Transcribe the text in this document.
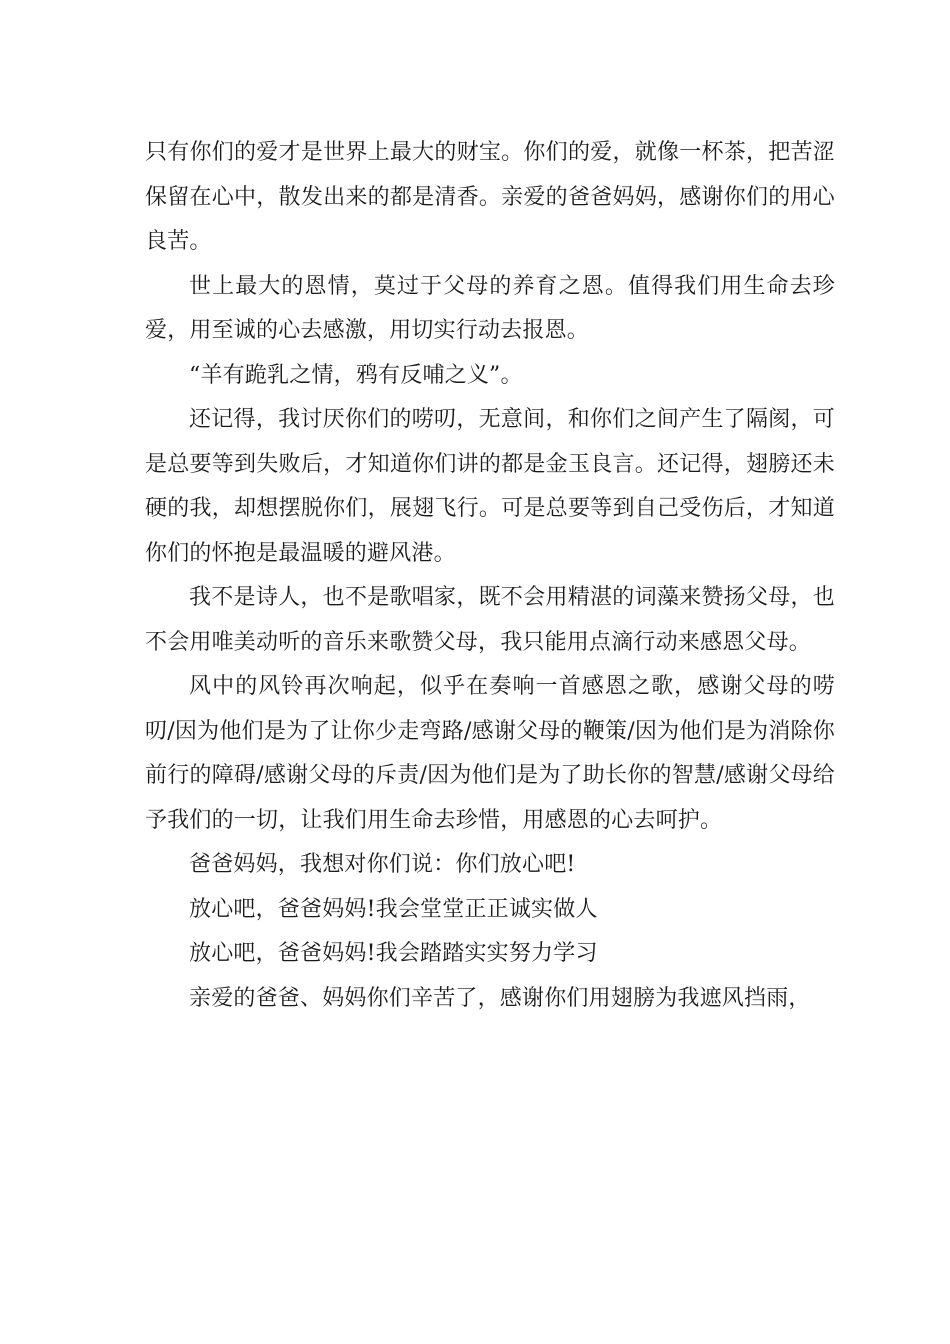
只有你们的爱才是世界上最大的财宝。你们的爱，就像一杯茶，把苦涩保留在心中，散发出来的都是清香。亲爱的爸爸妈妈，感谢你们的用心良苦。

世上最大的恩情，莫过于父母的养育之恩。值得我们用生命去珍爱，用至诚的心去感激，用切实行动去报恩。

“羊有跪乳之情，鸦有反哺之义”。

还记得，我讨厌你们的唠叨，无意间，和你们之间产生了隔阂，可是总要等到失败后，才知道你们讲的都是金玉良言。还记得，翅膀还未硬的我，却想摆脱你们，展翅飞行。可是总要等到自己受伤后，才知道你们的怀抱是最温暖的避风港。

我不是诗人，也不是歌唱家，既不会用精湛的词藻来赞扬父母，也不会用唯美动听的音乐来歌赞父母，我只能用点滴行动来感恩父母。

风中的风铃再次响起，似乎在奏响一首感恩之歌，感谢父母的唠叨/因为他们是为了让你少走弯路/感谢父母的鞭策/因为他们是为消除你前行的障碍/感谢父母的斥责/因为他们是为了助长你的智慧/感谢父母给予我们的一切，让我们用生命去珍惜，用感恩的心去呵护。

爸爸妈妈，我想对你们说：你们放心吧!

放心吧，爸爸妈妈!我会堂堂正正诚实做人

放心吧，爸爸妈妈!我会踏踏实实努力学习

亲爱的爸爸、妈妈你们辛苦了，感谢你们用翅膀为我遮风挡雨，
